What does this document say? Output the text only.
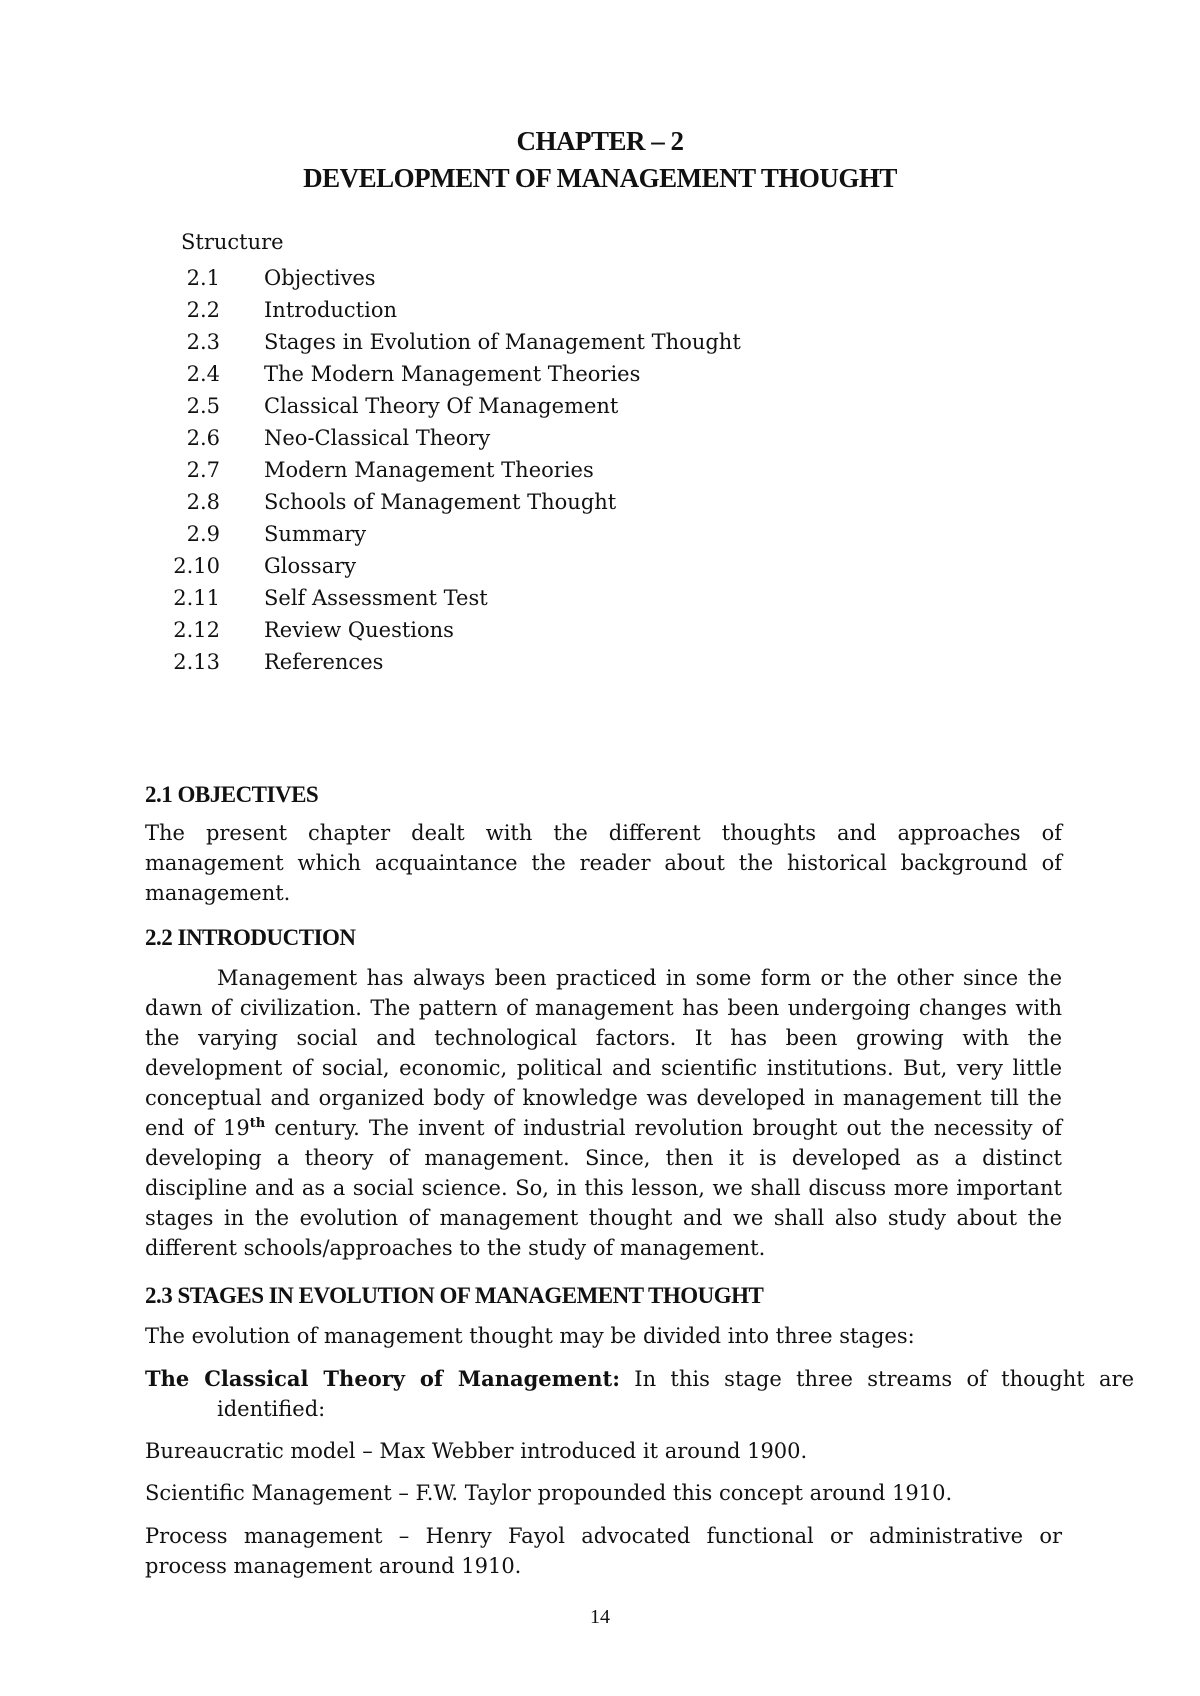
CHAPTER – 2
DEVELOPMENT OF MANAGEMENT THOUGHT
Structure
2.1 Objectives
2.2 Introduction
2.3 Stages in Evolution of Management Thought
2.4 The Modern Management Theories
2.5 Classical Theory Of Management
2.6 Neo-Classical Theory
2.7 Modern Management Theories
2.8 Schools of Management Thought
2.9 Summary
2.10 Glossary
2.11 Self Assessment Test
2.12 Review Questions
2.13 References
2.1 OBJECTIVES
The present chapter dealt with the different thoughts and approaches of management which acquaintance the reader about the historical background of management.
2.2 INTRODUCTION
Management has always been practiced in some form or the other since the dawn of civilization. The pattern of management has been undergoing changes with the varying social and technological factors. It has been growing with the development of social, economic, political and scientific institutions. But, very little conceptual and organized body of knowledge was developed in management till the end of 19th century. The invent of industrial revolution brought out the necessity of developing a theory of management. Since, then it is developed as a distinct discipline and as a social science. So, in this lesson, we shall discuss more important stages in the evolution of management thought and we shall also study about the different schools/approaches to the study of management.
2.3 STAGES IN EVOLUTION OF MANAGEMENT THOUGHT
The evolution of management thought may be divided into three stages:
The Classical Theory of Management: In this stage three streams of thought are identified:
Bureaucratic model – Max Webber introduced it around 1900.
Scientific Management – F.W. Taylor propounded this concept around 1910.
Process management – Henry Fayol advocated functional or administrative or process management around 1910.
14
